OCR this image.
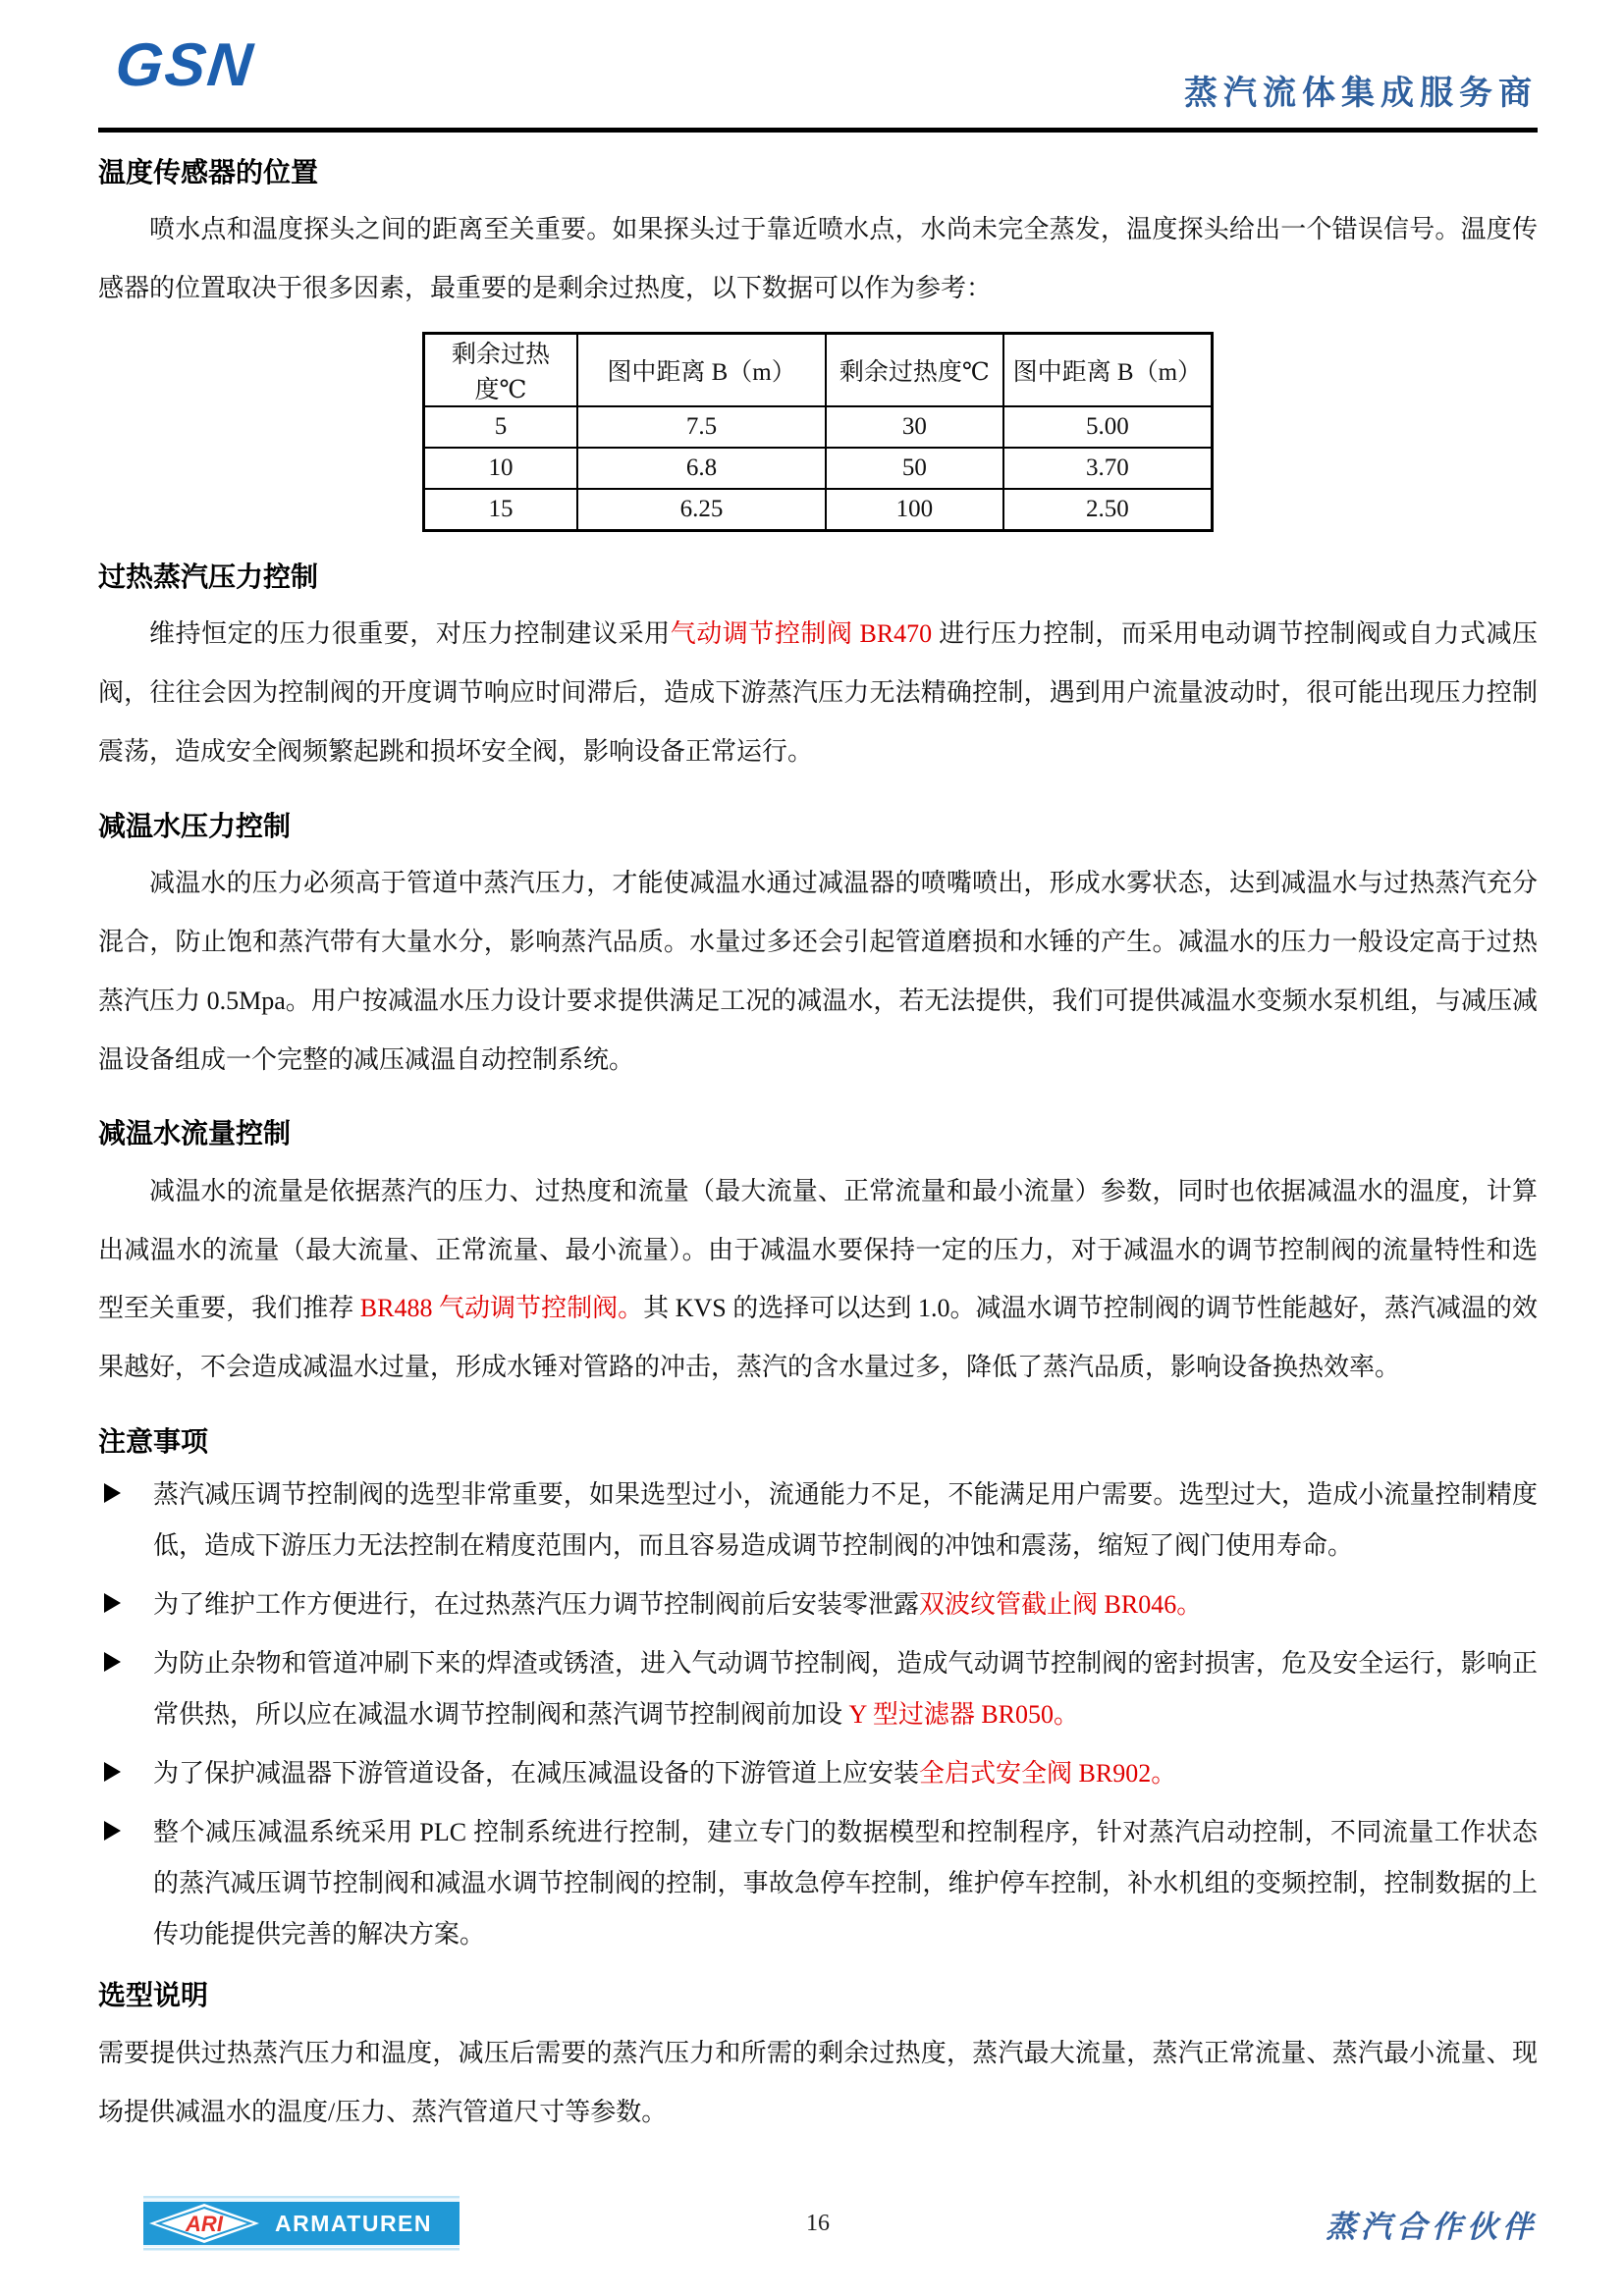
GSN	蒸汽流体集成服务商
温度传感器的位置

喷水点和温度探头之间的距离至关重要。如果探头过于靠近喷水点，水尚未完全蒸发，温度探头给出一个错误信号。温度传感器的位置取决于很多因素，最重要的是剩余过热度，以下数据可以作为参考：

剩余过热度℃	图中距离 B（m）	剩余过热度℃	图中距离 B（m）
5	7.5	30	5.00
10	6.8	50	3.70
15	6.25	100	2.50
过热蒸汽压力控制

维持恒定的压力很重要，对压力控制建议采用气动调节控制阀 BR470 进行压力控制，而采用电动调节控制阀或自力式减压阀，往往会因为控制阀的开度调节响应时间滞后，造成下游蒸汽压力无法精确控制，遇到用户流量波动时，很可能出现压力控制震荡，造成安全阀频繁起跳和损坏安全阀，影响设备正常运行。

减温水压力控制

减温水的压力必须高于管道中蒸汽压力，才能使减温水通过减温器的喷嘴喷出，形成水雾状态，达到减温水与过热蒸汽充分混合，防止饱和蒸汽带有大量水分，影响蒸汽品质。水量过多还会引起管道磨损和水锤的产生。减温水的压力一般设定高于过热蒸汽压力 0.5Mpa。用户按减温水压力设计要求提供满足工况的减温水，若无法提供，我们可提供减温水变频水泵机组，与减压减温设备组成一个完整的减压减温自动控制系统。

减温水流量控制

减温水的流量是依据蒸汽的压力、过热度和流量（最大流量、正常流量和最小流量）参数，同时也依据减温水的温度，计算出减温水的流量（最大流量、正常流量、最小流量）。由于减温水要保持一定的压力，对于减温水的调节控制阀的流量特性和选型至关重要，我们推荐 BR488 气动调节控制阀。其 KVS 的选择可以达到 1.0。减温水调节控制阀的调节性能越好，蒸汽减温的效果越好，不会造成减温水过量，形成水锤对管路的冲击，蒸汽的含水量过多，降低了蒸汽品质，影响设备换热效率。

注意事项
蒸汽减压调节控制阀的选型非常重要，如果选型过小，流通能力不足，不能满足用户需要。选型过大，造成小流量控制精度低，造成下游压力无法控制在精度范围内，而且容易造成调节控制阀的冲蚀和震荡，缩短了阀门使用寿命。
为了维护工作方便进行，在过热蒸汽压力调节控制阀前后安装零泄露双波纹管截止阀 BR046。
为防止杂物和管道冲刷下来的焊渣或锈渣，进入气动调节控制阀，造成气动调节控制阀的密封损害，危及安全运行，影响正常供热，所以应在减温水调节控制阀和蒸汽调节控制阀前加设 Y 型过滤器 BR050。
为了保护减温器下游管道设备，在减压减温设备的下游管道上应安装全启式安全阀 BR902。
整个减压减温系统采用 PLC 控制系统进行控制，建立专门的数据模型和控制程序，针对蒸汽启动控制，不同流量工作状态的蒸汽减压调节控制阀和减温水调节控制阀的控制，事故急停车控制，维护停车控制，补水机组的变频控制，控制数据的上传功能提供完善的解决方案。
选型说明

需要提供过热蒸汽压力和温度，减压后需要的蒸汽压力和所需的剩余过热度，蒸汽最大流量，蒸汽正常流量、蒸汽最小流量、现场提供减温水的温度/压力、蒸汽管道尺寸等参数。

ARI ARMATUREN	16	蒸汽合作伙伴
